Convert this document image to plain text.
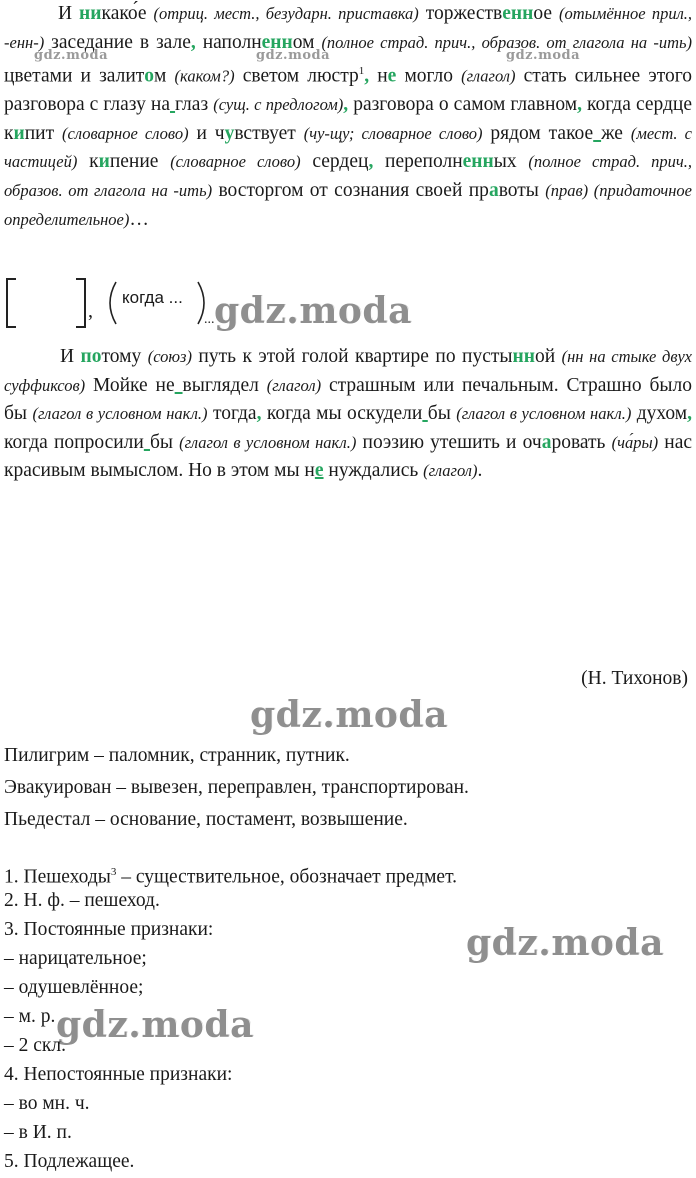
И никако́е (отриц. мест., безударн. приставка) торжественное (отымённое прил., -енн-) заседание в зале, наполненном (полное страд. прич., образов. от глагола на -ить) цветами и залитом (каком?) светом люстр$^1$, не могло (глагол) стать сильнее этого разговора с глазу на глаз (сущ. с предлогом), разговора о самом главном, когда сердце кипит (словарное слово) и чувствует (чу-щу; словарное слово) рядом такое же (мест. с частицей) кипение (словарное слово) сердец, переполненных (полное страд. прич., образов. от глагола на -ить) восторгом от сознания своей правоты (прав) (придаточное определительное)…

gdz.moda	gdz.moda	gdz.moda
,
когда ...
... gdz.moda

И потому (союз) путь к этой голой квартире по пустынной (нн на стыке двух суффиксов) Мойке не выглядел (глагол) страшным или печальным. Страшно было бы (глагол в условном накл.) тогда, когда мы оскудели бы (глагол в условном накл.) духом, когда попросили бы (глагол в условном накл.) поэзию утешить и очаровать (ча́ры) нас красивым вымыслом. Но в этом мы не нуждались (глагол).

(Н. Тихонов)
gdz.moda
Пилигрим – паломник, странник, путник.
Эвакуирован – вывезен, переправлен, транспортирован.
Пьедестал – основание, постамент, возвышение.
1. Пешеходы$^3$ – существительное, обозначает предмет.
2. Н. ф. – пешеход.
3. Постоянные признаки:	gdz.moda
– нарицательное;
– одушевлённое;
– м. р. gdz.moda
– 2 скл.
4. Непостоянные признаки:
– во мн. ч.
– в И. п.
5. Подлежащее.
